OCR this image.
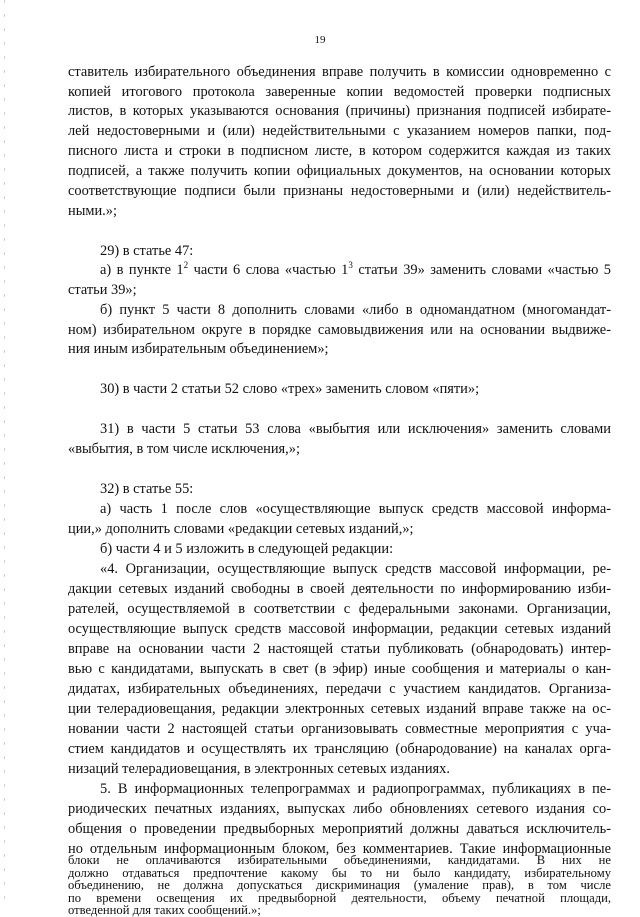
19
ставитель избирательного объединения вправе получить в комиссии одновременно с
копией итогового протокола заверенные копии ведомостей проверки подписных
листов, в которых указываются основания (причины) признания подписей избирате-
лей недостоверными и (или) недействительными с указанием номеров папки, под-
писного листа и строки в подписном листе, в котором содержится каждая из таких
подписей, а также получить копии официальных документов, на основании которых
соответствующие подписи были признаны недостоверными и (или) недействитель-
ными.»;
29) в статье 47:
а) в пункте $1^2$ части 6 слова «частью $1^3$ статьи 39» заменить словами «частью 5
статьи 39»;
б) пункт 5 части 8 дополнить словами «либо в одномандатном (многомандат-
ном) избирательном округе в порядке самовыдвижения или на основании выдвиже-
ния иным избирательным объединением»;
30) в части 2 статьи 52 слово «трех» заменить словом «пяти»;
31) в части 5 статьи 53 слова «выбытия или исключения» заменить словами
«выбытия, в том числе исключения,»;
32) в статье 55:
а) часть 1 после слов «осуществляющие выпуск средств массовой информа-
ции,» дополнить словами «редакции сетевых изданий,»;
б) части 4 и 5 изложить в следующей редакции:
«4. Организации, осуществляющие выпуск средств массовой информации, ре-
дакции сетевых изданий свободны в своей деятельности по информированию изби-
рателей, осуществляемой в соответствии с федеральными законами. Организации,
осуществляющие выпуск средств массовой информации, редакции сетевых изданий
вправе на основании части 2 настоящей статьи публиковать (обнародовать) интер-
вью с кандидатами, выпускать в свет (в эфир) иные сообщения и материалы о кан-
дидатах, избирательных объединениях, передачи с участием кандидатов. Организа-
ции телерадиовещания, редакции электронных сетевых изданий вправе также на ос-
новании части 2 настоящей статьи организовывать совместные мероприятия с уча-
стием кандидатов и осуществлять их трансляцию (обнародование) на каналах орга-
низаций телерадиовещания, в электронных сетевых изданиях.
5. В информационных телепрограммах и радиопрограммах, публикациях в пе-
риодических печатных изданиях, выпусках либо обновлениях сетевого издания со-
общения о проведении предвыборных мероприятий должны даваться исключитель-
но отдельным информационным блоком, без комментариев. Такие информационные
блоки не оплачиваются избирательными объединениями, кандидатами. В них не
должно отдаваться предпочтение какому бы то ни было кандидату, избирательному
объединению, не должна допускаться дискриминация (умаление прав), в том числе
по времени освещения их предвыборной деятельности, объему печатной площади,
отведенной для таких сообщений.»;
